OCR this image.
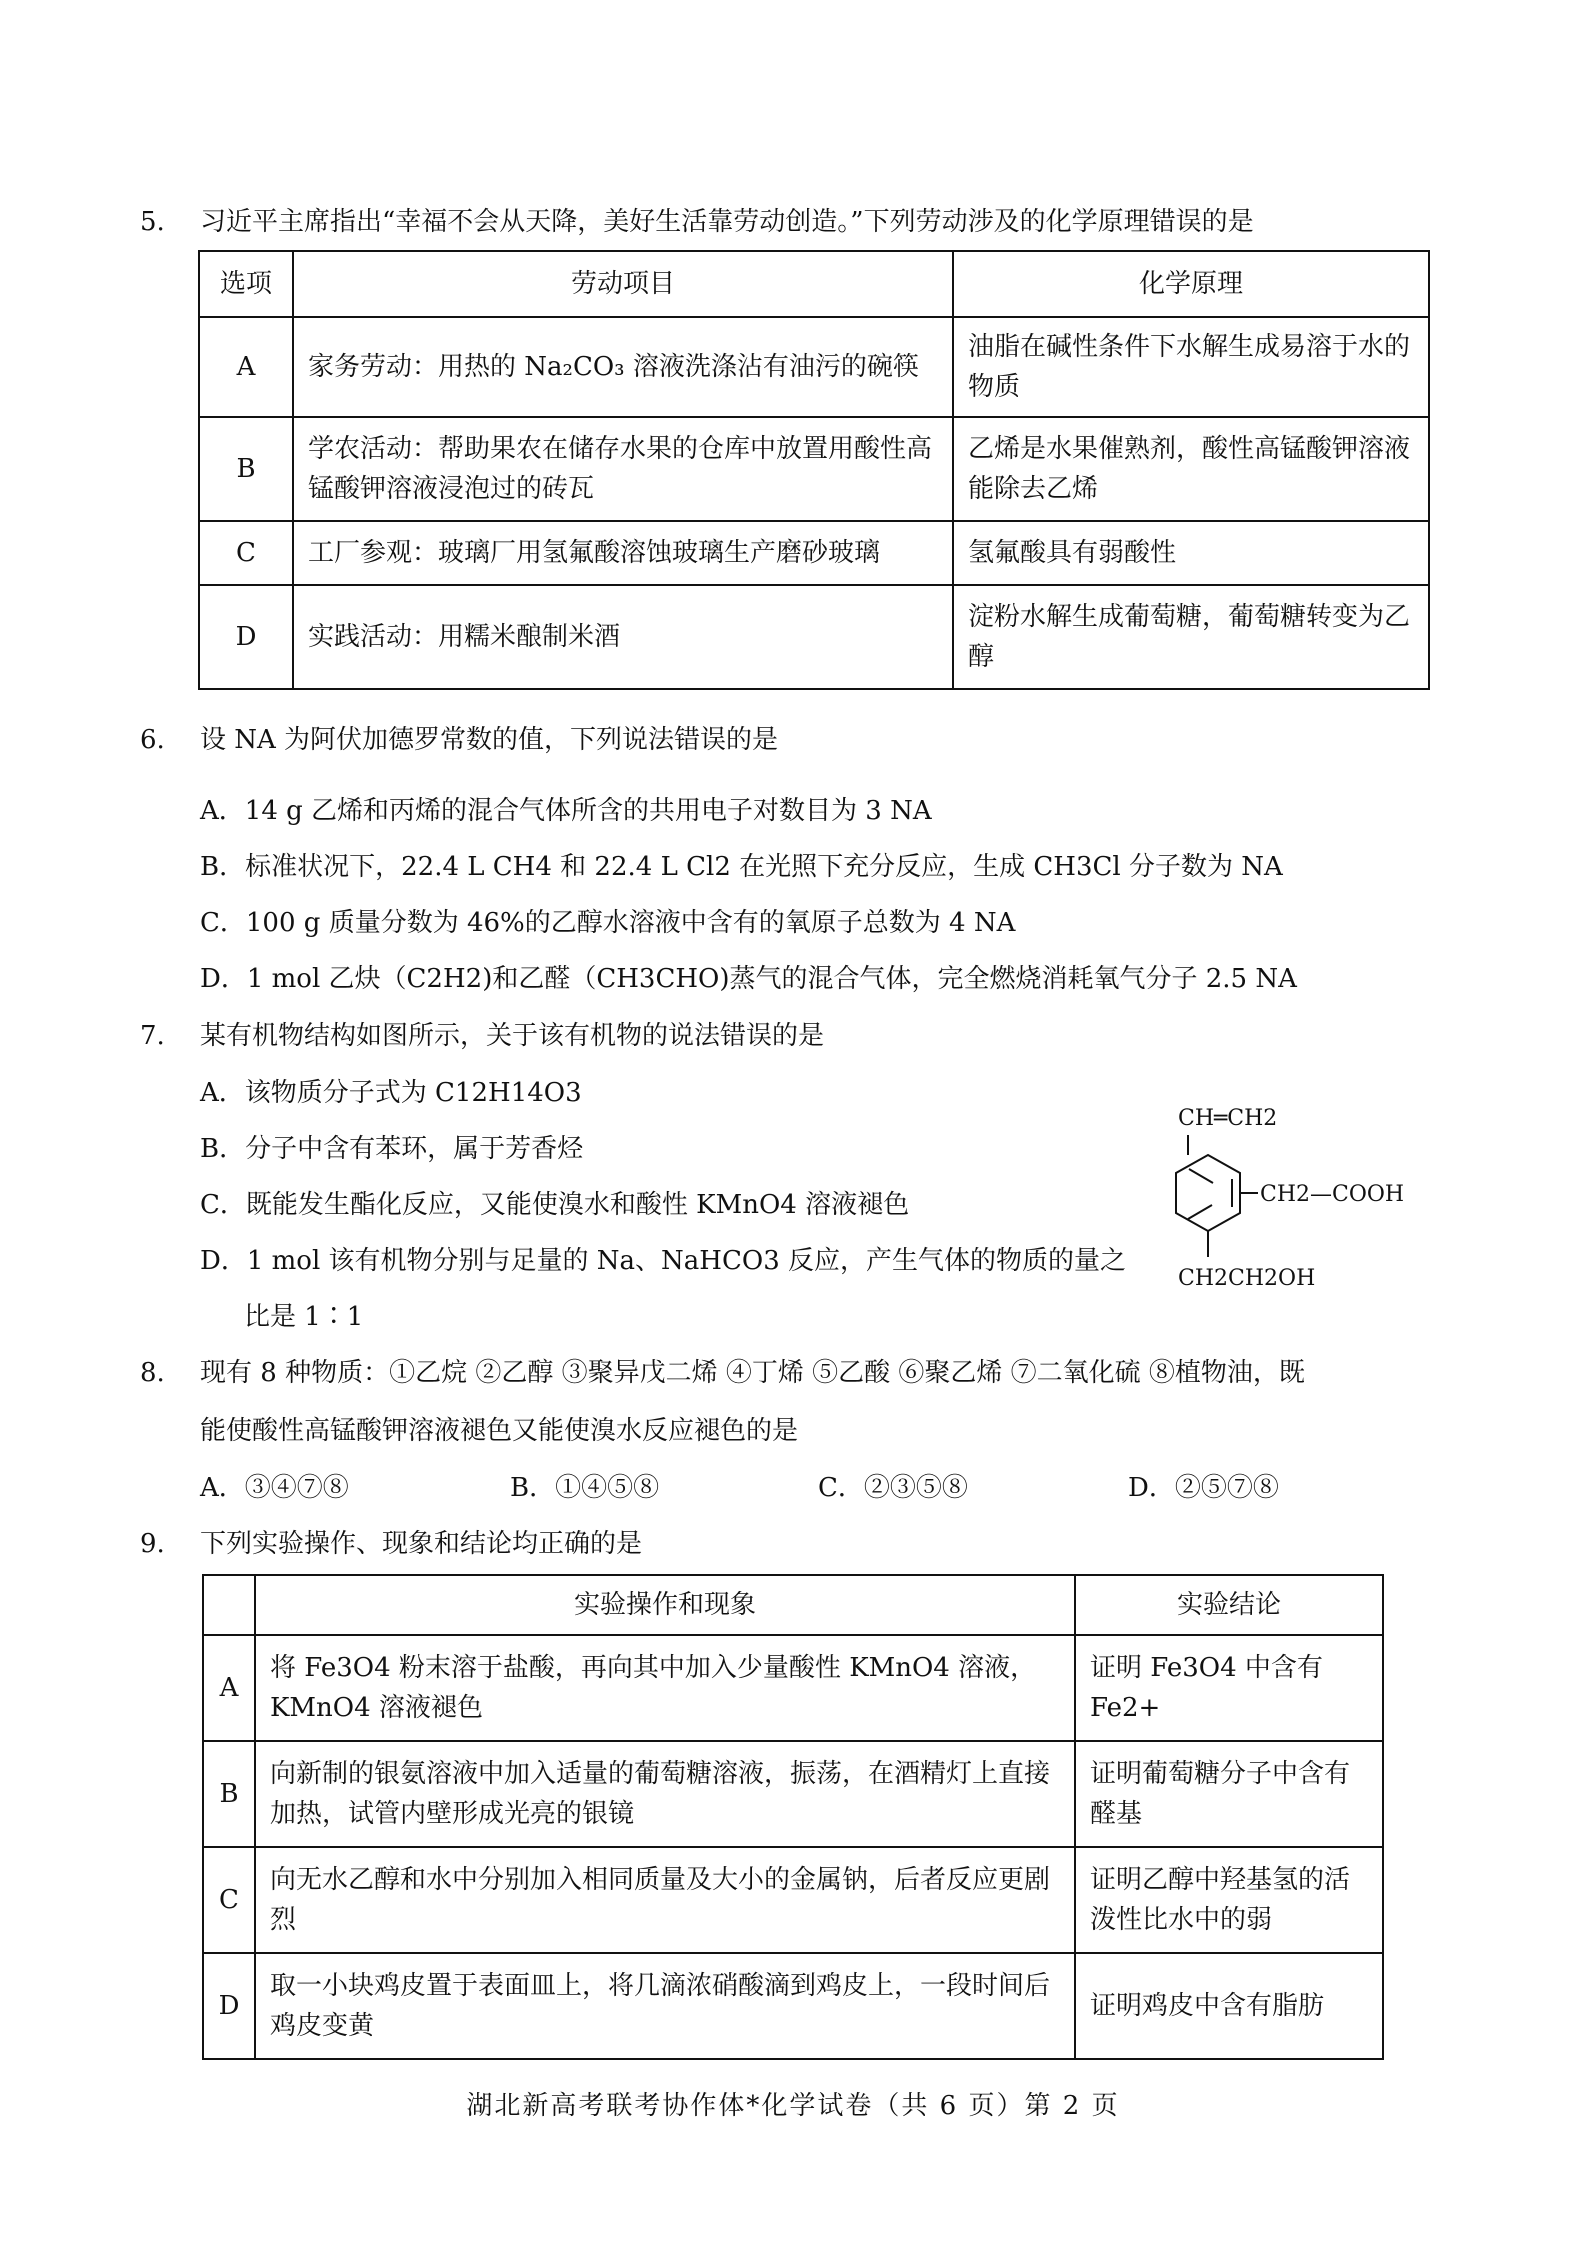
5.	习近平主席指出“幸福不会从天降，美好生活靠劳动创造。”下列劳动涉及的化学原理错误的是
选项	劳动项目	化学原理
A	家务劳动：用热的 Na₂CO₃ 溶液洗涤沾有油污的碗筷	油脂在碱性条件下水解生成易溶于水的物质
B	学农活动：帮助果农在储存水果的仓库中放置用酸性高锰酸钾溶液浸泡过的砖瓦	乙烯是水果催熟剂，酸性高锰酸钾溶液能除去乙烯
C	工厂参观：玻璃厂用氢氟酸溶蚀玻璃生产磨砂玻璃	氢氟酸具有弱酸性
D	实践活动：用糯米酿制米酒	淀粉水解生成葡萄糖，葡萄糖转变为乙醇
6.	设 NA 为阿伏加德罗常数的值，下列说法错误的是
A．14 g 乙烯和丙烯的混合气体所含的共用电子对数目为 3 NA
B．标准状况下，22.4 L CH4 和 22.4 L Cl2 在光照下充分反应，生成 CH3Cl 分子数为 NA
C．100 g 质量分数为 46%的乙醇水溶液中含有的氧原子总数为 4 NA
D．1 mol 乙炔（C2H2)和乙醛（CH3CHO)蒸气的混合气体，完全燃烧消耗氧气分子 2.5 NA
7.	某有机物结构如图所示，关于该有机物的说法错误的是
A．该物质分子式为 C12H14O3
B．分子中含有苯环，属于芳香烃
C．既能发生酯化反应，又能使溴水和酸性 KMnO4 溶液褪色
D．1 mol 该有机物分别与足量的 Na、NaHCO3 反应，产生气体的物质的量之
比是 1∶1
CH═CH2
CH2—COOH
CH2CH2OH
8.	现有 8 种物质：①乙烷 ②乙醇 ③聚异戊二烯 ④丁烯 ⑤乙酸 ⑥聚乙烯 ⑦二氧化硫 ⑧植物油，既
能使酸性高锰酸钾溶液褪色又能使溴水反应褪色的是
A．③④⑦⑧	B．①④⑤⑧	C．②③⑤⑧	D．②⑤⑦⑧
9.	下列实验操作、现象和结论均正确的是
	实验操作和现象	实验结论
A	将 Fe3O4 粉末溶于盐酸，再向其中加入少量酸性 KMnO4 溶液，KMnO4 溶液褪色	证明 Fe3O4 中含有 Fe2+
B	向新制的银氨溶液中加入适量的葡萄糖溶液，振荡，在酒精灯上直接加热，试管内壁形成光亮的银镜	证明葡萄糖分子中含有醛基
C	向无水乙醇和水中分别加入相同质量及大小的金属钠，后者反应更剧烈	证明乙醇中羟基氢的活泼性比水中的弱
D	取一小块鸡皮置于表面皿上，将几滴浓硝酸滴到鸡皮上，一段时间后鸡皮变黄	证明鸡皮中含有脂肪
湖北新高考联考协作体*化学试卷（共 6 页）第 2 页
